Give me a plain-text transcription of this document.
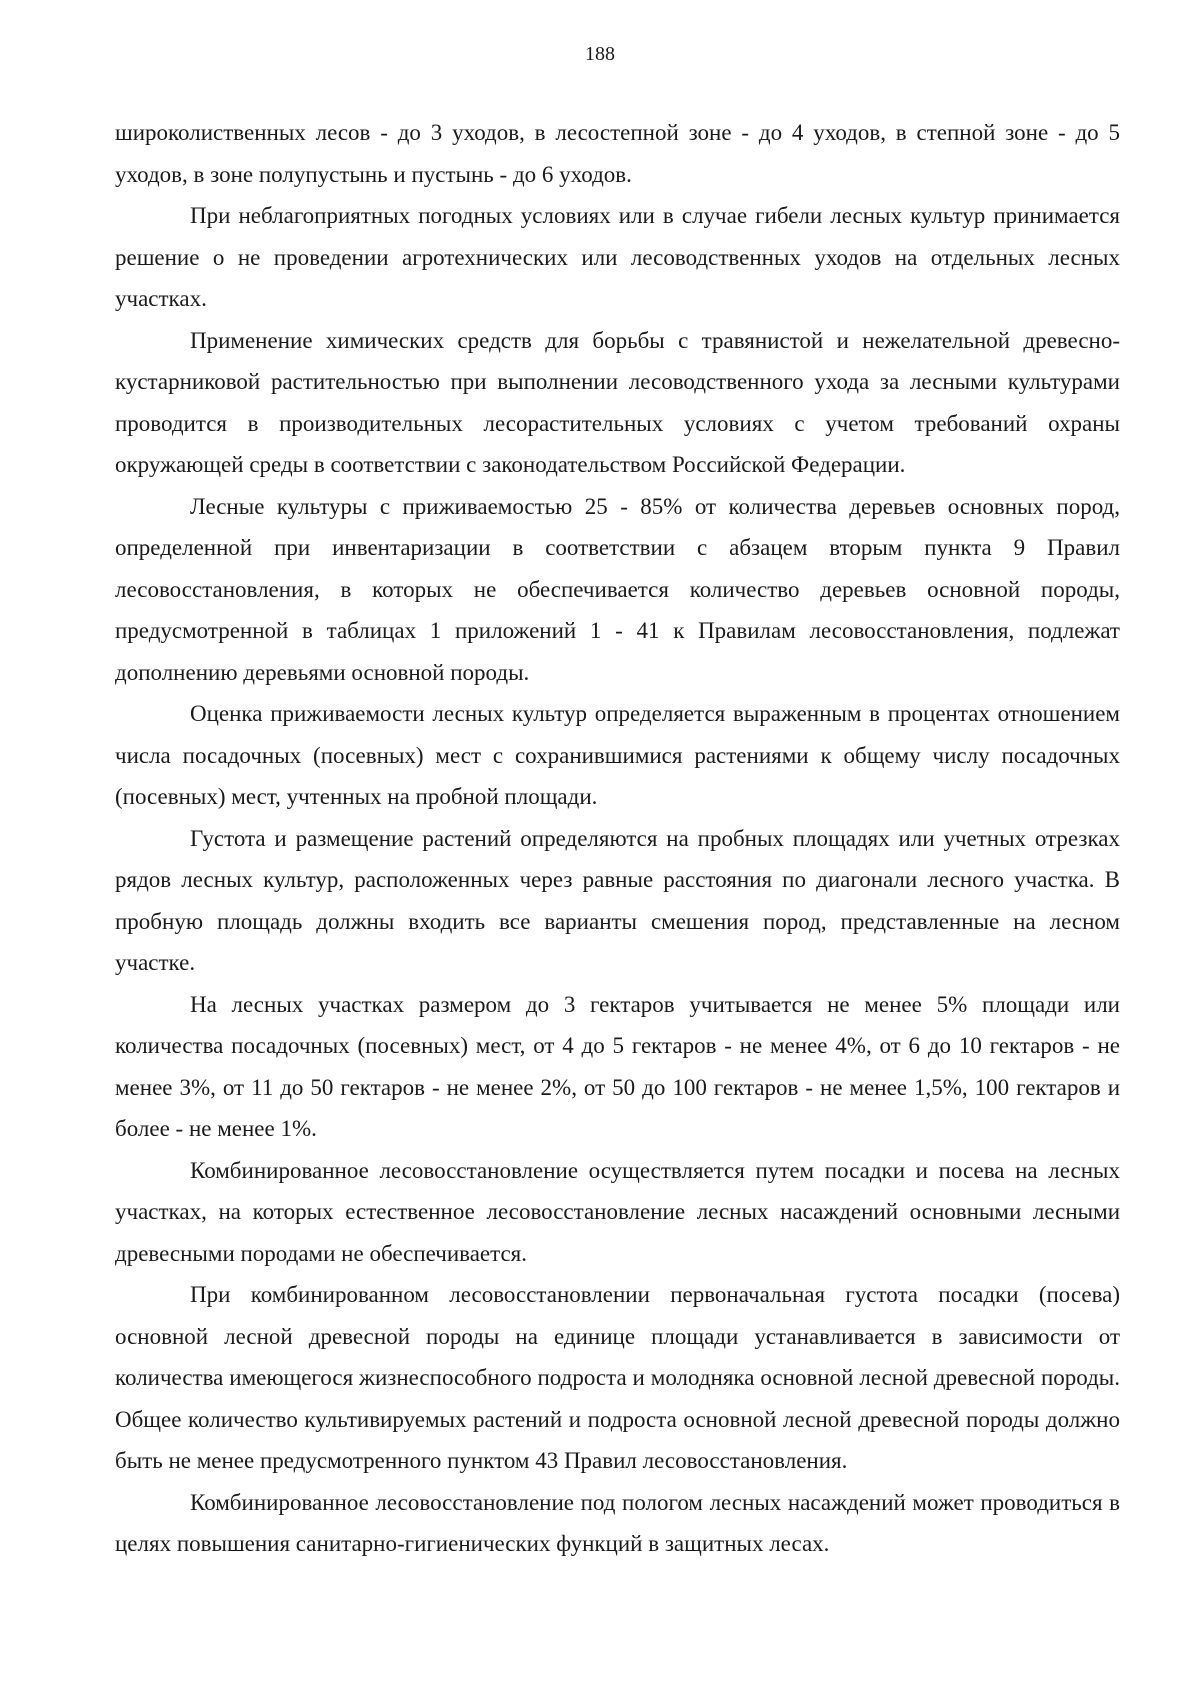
188

широколиственных лесов - до 3 уходов, в лесостепной зоне - до 4 уходов, в степной зоне - до 5 уходов, в зоне полупустынь и пустынь - до 6 уходов.

При неблагоприятных погодных условиях или в случае гибели лесных культур принимается решение о не проведении агротехнических или лесоводственных уходов на отдельных лесных участках.

Применение химических средств для борьбы с травянистой и нежелательной древесно-кустарниковой растительностью при выполнении лесоводственного ухода за лесными культурами проводится в производительных лесорастительных условиях с учетом требований охраны окружающей среды в соответствии с законодательством Российской Федерации.

Лесные культуры с приживаемостью 25 - 85% от количества деревьев основных пород, определенной при инвентаризации в соответствии с абзацем вторым пункта 9 Правил лесовосстановления, в которых не обеспечивается количество деревьев основной породы, предусмотренной в таблицах 1 приложений 1 - 41 к Правилам лесовосстановления, подлежат дополнению деревьями основной породы.

Оценка приживаемости лесных культур определяется выраженным в процентах отношением числа посадочных (посевных) мест с сохранившимися растениями к общему числу посадочных (посевных) мест, учтенных на пробной площади.

Густота и размещение растений определяются на пробных площадях или учетных отрезках рядов лесных культур, расположенных через равные расстояния по диагонали лесного участка. В пробную площадь должны входить все варианты смешения пород, представленные на лесном участке.

На лесных участках размером до 3 гектаров учитывается не менее 5% площади или количества посадочных (посевных) мест, от 4 до 5 гектаров - не менее 4%, от 6 до 10 гектаров - не менее 3%, от 11 до 50 гектаров - не менее 2%, от 50 до 100 гектаров - не менее 1,5%, 100 гектаров и более - не менее 1%.

Комбинированное лесовосстановление осуществляется путем посадки и посева на лесных участках, на которых естественное лесовосстановление лесных насаждений основными лесными древесными породами не обеспечивается.

При комбинированном лесовосстановлении первоначальная густота посадки (посева) основной лесной древесной породы на единице площади устанавливается в зависимости от количества имеющегося жизнеспособного подроста и молодняка основной лесной древесной породы. Общее количество культивируемых растений и подроста основной лесной древесной породы должно быть не менее предусмотренного пунктом 43 Правил лесовосстановления.

Комбинированное лесовосстановление под пологом лесных насаждений может проводиться в целях повышения санитарно-гигиенических функций в защитных лесах.
